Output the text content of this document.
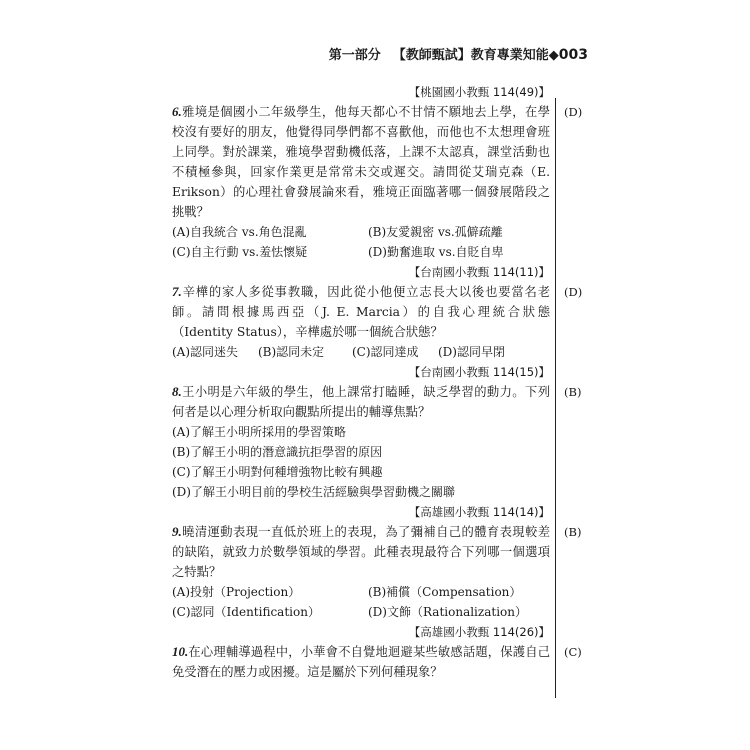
第一部分 【教師甄試】教育專業知能◆003

【桃園國小教甄 114(49)】

6.雅境是個國小二年級學生，他每天都心不甘情不願地去上學，在學校沒有要好的朋友，他覺得同學們都不喜歡他，而他也不太想理會班上同學。對於課業，雅境學習動機低落，上課不太認真，課堂活動也不積極參與，回家作業更是常常未交或遲交。請問從艾瑞克森（E. Erikson）的心理社會發展論來看，雅境正面臨著哪一個發展階段之挑戰？
(D)
(A)自我統合 vs.角色混亂	(B)友愛親密 vs.孤僻疏離
(C)自主行動 vs.羞怯懷疑	(D)勤奮進取 vs.自貶自卑

【台南國小教甄 114(11)】

7.辛樺的家人多從事教職，因此從小他便立志長大以後也要當名老師。請問根據馬西亞（J. E. Marcia）的自我心理統合狀態（Identity Status），辛樺處於哪一個統合狀態？
(D)
(A)認同迷失	(B)認同未定	(C)認同達成	(D)認同早閉

【台南國小教甄 114(15)】

8.王小明是六年級的學生，他上課常打瞌睡，缺乏學習的動力。下列何者是以心理分析取向觀點所提出的輔導焦點？
(B)
(A)了解王小明所採用的學習策略
(B)了解王小明的潛意識抗拒學習的原因
(C)了解王小明對何種增強物比較有興趣
(D)了解王小明目前的學校生活經驗與學習動機之關聯

【高雄國小教甄 114(14)】

9.曉清運動表現一直低於班上的表現，為了彌補自己的體育表現較差的缺陷，就致力於數學領域的學習。此種表現最符合下列哪一個選項之特點？
(B)
(A)投射（Projection）	(B)補償（Compensation）
(C)認同（Identification）	(D)文飾（Rationalization）

【高雄國小教甄 114(26)】

10.在心理輔導過程中，小華會不自覺地迴避某些敏感話題，保護自己免受潛在的壓力或困擾。這是屬於下列何種現象？
(C)
